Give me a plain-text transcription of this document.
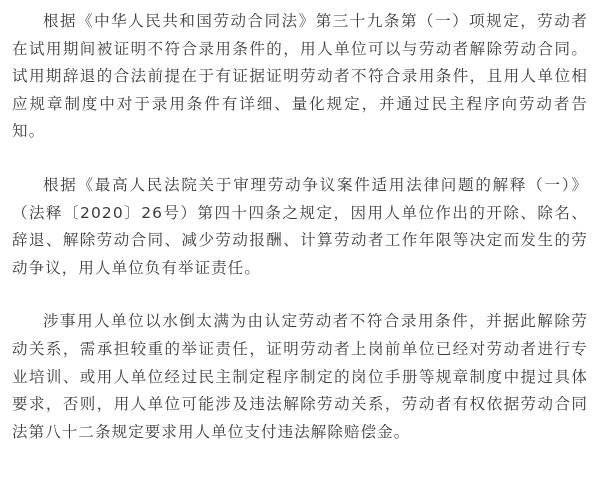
根据《中华人民共和国劳动合同法》第三十九条第（一）项规定，劳动者在试用期间被证明不符合录用条件的，用人单位可以与劳动者解除劳动合同。试用期辞退的合法前提在于有证据证明劳动者不符合录用条件，且用人单位相应规章制度中对于录用条件有详细、量化规定，并通过民主程序向劳动者告知。

根据《最高人民法院关于审理劳动争议案件适用法律问题的解释（一）》（法释〔2020〕26号）第四十四条之规定，因用人单位作出的开除、除名、辞退、解除劳动合同、减少劳动报酬、计算劳动者工作年限等决定而发生的劳动争议，用人单位负有举证责任。

涉事用人单位以水倒太满为由认定劳动者不符合录用条件，并据此解除劳动关系，需承担较重的举证责任，证明劳动者上岗前单位已经对劳动者进行专业培训、或用人单位经过民主制定程序制定的岗位手册等规章制度中提过具体要求，否则，用人单位可能涉及违法解除劳动关系，劳动者有权依据劳动合同法第八十二条规定要求用人单位支付违法解除赔偿金。
